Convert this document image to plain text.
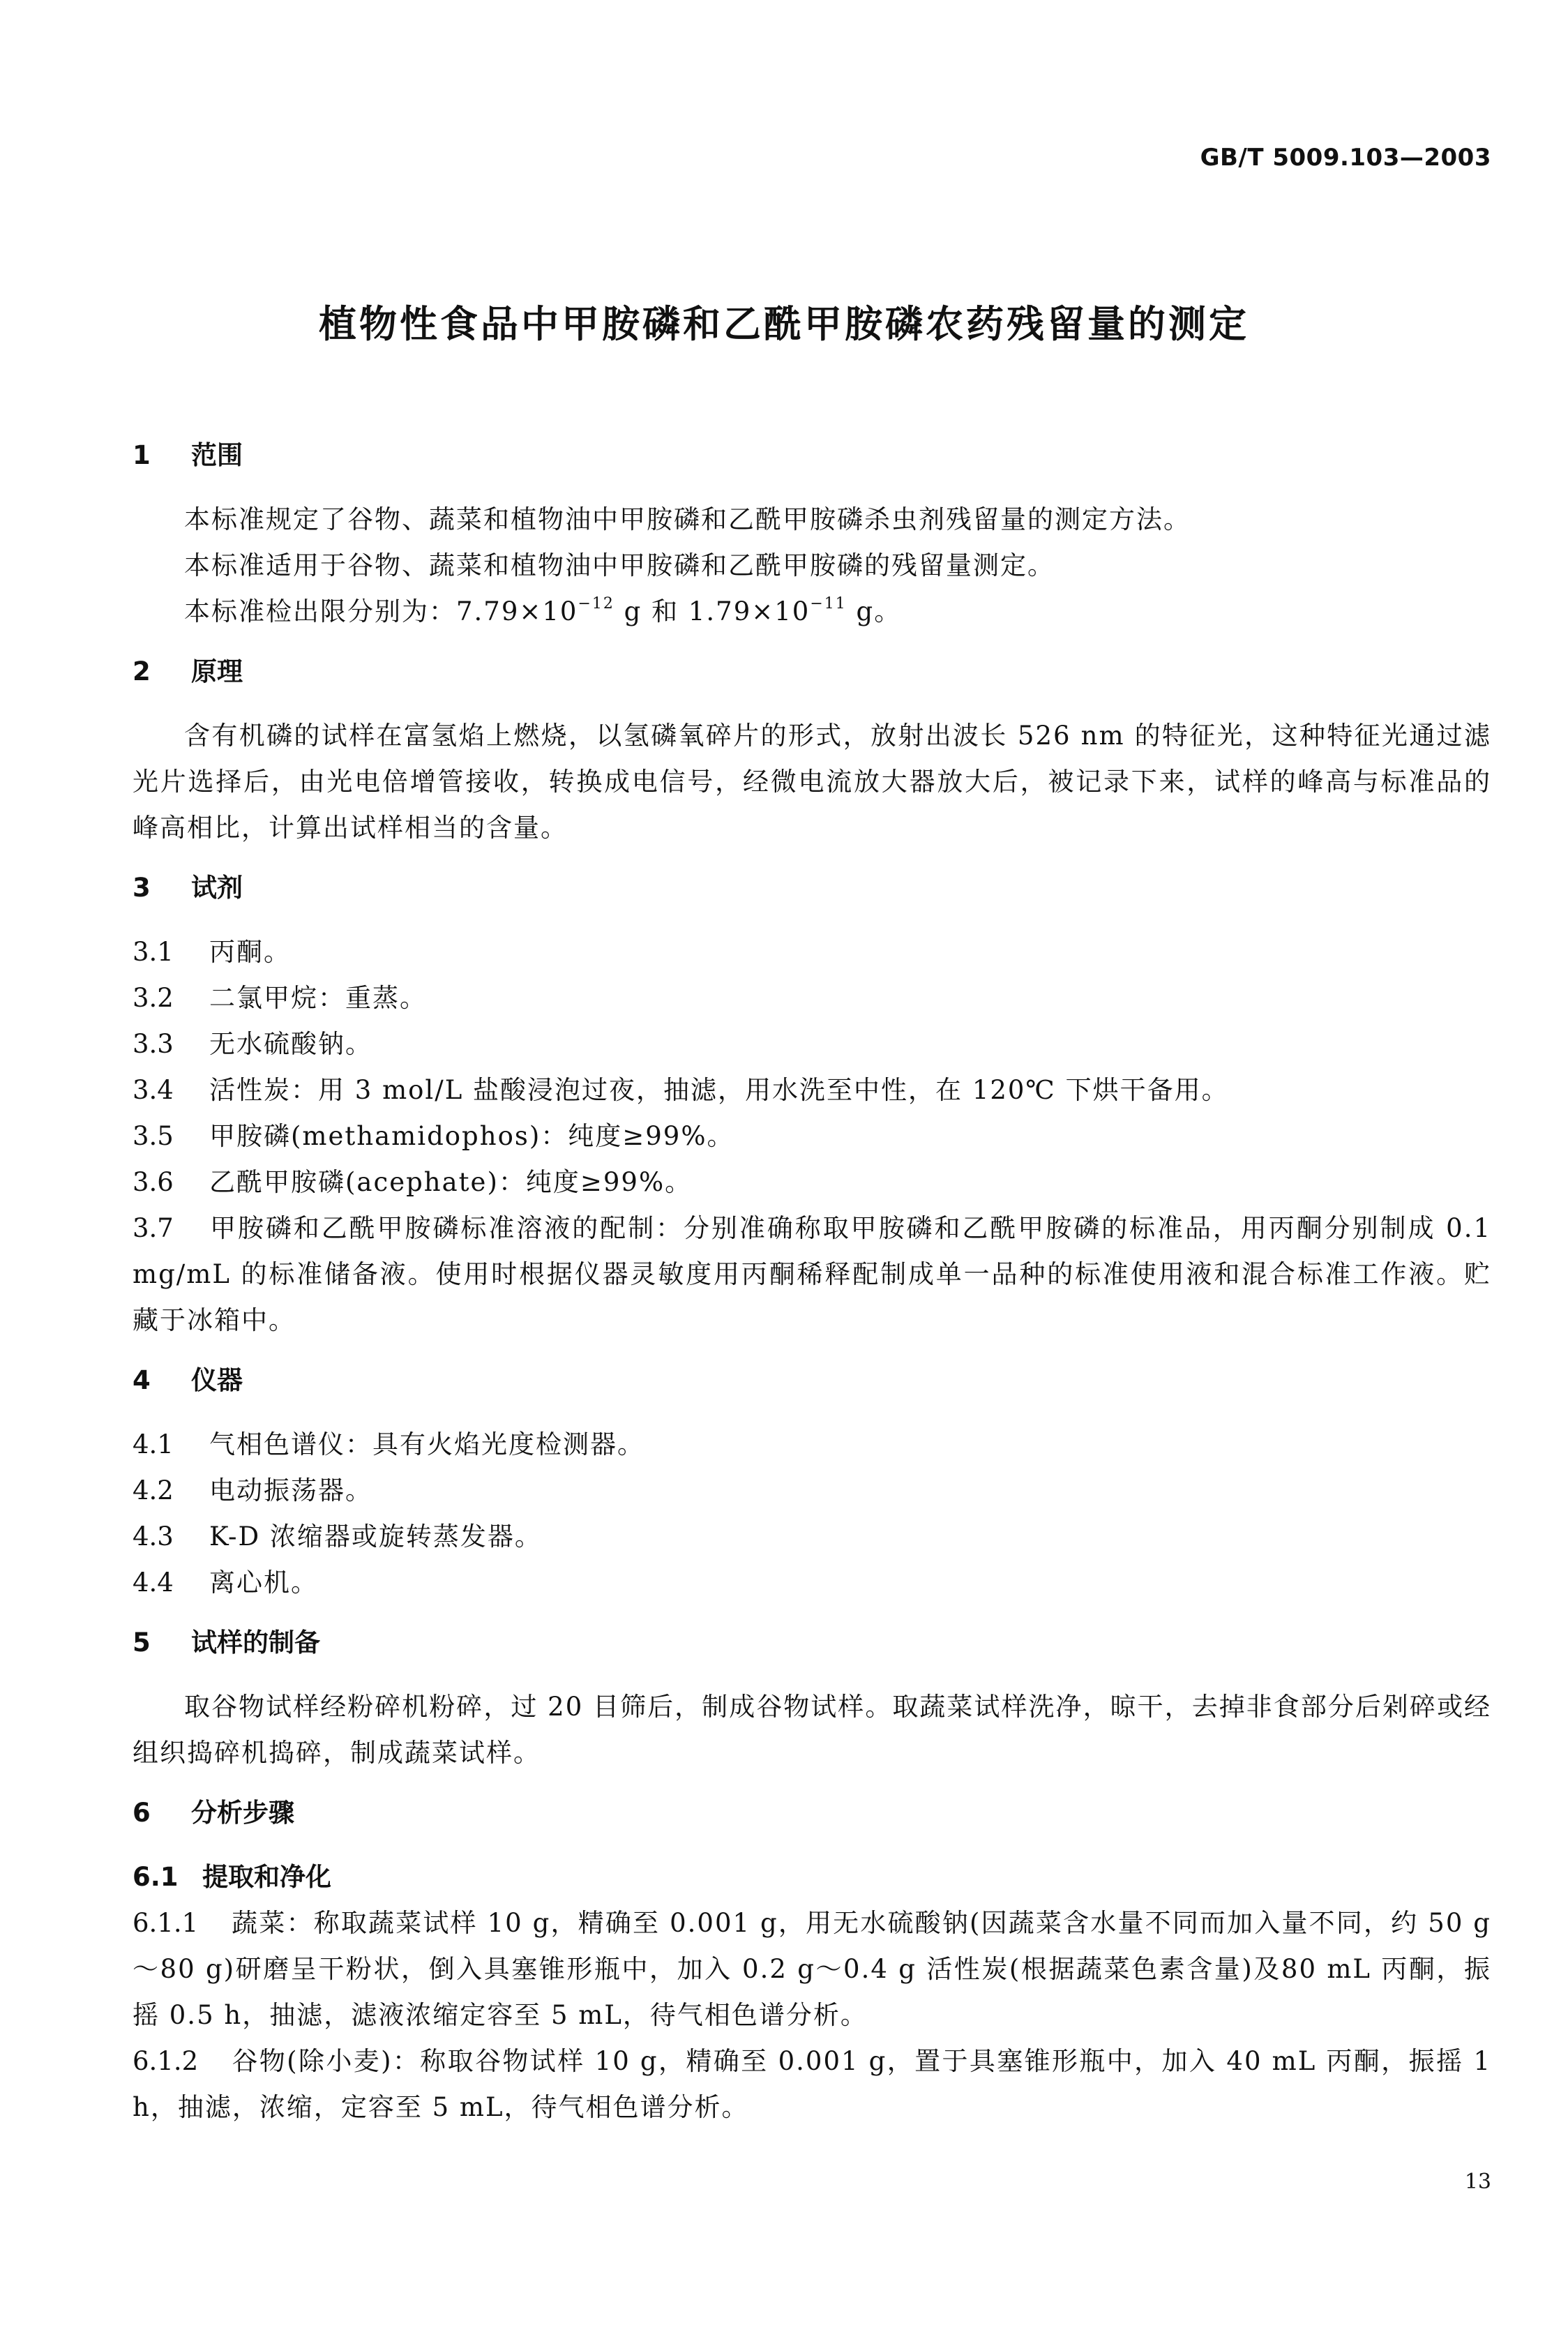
GB/T 5009.103—2003
植物性食品中甲胺磷和乙酰甲胺磷农药残留量的测定
1 范围

本标准规定了谷物、蔬菜和植物油中甲胺磷和乙酰甲胺磷杀虫剂残留量的测定方法。

本标准适用于谷物、蔬菜和植物油中甲胺磷和乙酰甲胺磷的残留量测定。

本标准检出限分别为：$7.79\times 10^{-12}$ g 和 $1.79\times 10^{-11}$ g。

2 原理

含有机磷的试样在富氢焰上燃烧，以氢磷氧碎片的形式，放射出波长 526 nm 的特征光，这种特征光通过滤光片选择后，由光电倍增管接收，转换成电信号，经微电流放大器放大后，被记录下来，试样的峰高与标准品的峰高相比，计算出试样相当的含量。

3 试剂

3.1 丙酮。

3.2 二氯甲烷：重蒸。

3.3 无水硫酸钠。

3.4 活性炭：用 3 mol/L 盐酸浸泡过夜，抽滤，用水洗至中性，在 120℃ 下烘干备用。

3.5 甲胺磷(methamidophos)：纯度≥99%。

3.6 乙酰甲胺磷(acephate)：纯度≥99%。

3.7 甲胺磷和乙酰甲胺磷标准溶液的配制：分别准确称取甲胺磷和乙酰甲胺磷的标准品，用丙酮分别制成 0.1 mg/mL 的标准储备液。使用时根据仪器灵敏度用丙酮稀释配制成单一品种的标准使用液和混合标准工作液。贮藏于冰箱中。

4 仪器

4.1 气相色谱仪：具有火焰光度检测器。

4.2 电动振荡器。

4.3 K-D 浓缩器或旋转蒸发器。

4.4 离心机。

5 试样的制备

取谷物试样经粉碎机粉碎，过 20 目筛后，制成谷物试样。取蔬菜试样洗净，晾干，去掉非食部分后剁碎或经组织捣碎机捣碎，制成蔬菜试样。

6 分析步骤
6.1 提取和净化

6.1.1 蔬菜：称取蔬菜试样 10 g，精确至 0.001 g，用无水硫酸钠(因蔬菜含水量不同而加入量不同，约 50 g～80 g)研磨呈干粉状，倒入具塞锥形瓶中，加入 0.2 g～0.4 g 活性炭(根据蔬菜色素含量)及80 mL 丙酮，振摇 0.5 h，抽滤，滤液浓缩定容至 5 mL，待气相色谱分析。

6.1.2 谷物(除小麦)：称取谷物试样 10 g，精确至 0.001 g，置于具塞锥形瓶中，加入 40 mL 丙酮，振摇 1 h，抽滤，浓缩，定容至 5 mL，待气相色谱分析。

13
